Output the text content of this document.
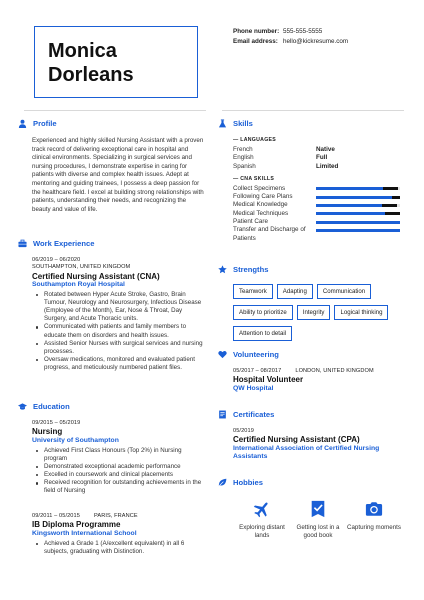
Monica
Dorleans
Phone number: 555-555-5555
Email address: hello@kickresume.com
Profile
Experienced and highly skilled Nursing Assistant with a proven track record of delivering exceptional care in hospital and clinical environments. Specializing in surgical services and nursing procedures, I demonstrate expertise in caring for patients with diverse and complex health issues. Adept at mentoring and guiding trainees, I possess a deep passion for the healthcare field. I excel at building strong relationships with patients, understanding their needs, and recognizing the beauty and value of life.
Work Experience
06/2019 – 06/2020
SOUTHAMPTON, UNITED KINGDOM
Certified Nursing Assistant (CNA)
Southampton Royal Hospital
Rotated between Hyper Acute Stroke, Gastro, Brain Tumour, Neurology and Neurosurgery, Infectious Disease (Employee of the Month), Ear, Nose & Throat, Day Surgery, and Acute Thoracic units.
Communicated with patients and family members to educate them on disorders and health issues.
Assisted Senior Nurses with surgical services and nursing processes.
Oversaw medications, monitored and evaluated patient progress, and meticulously numbered patient files.
Education
09/2015 – 05/2019
Nursing
University of Southampton
Achieved First Class Honours (Top 2%) in Nursing program
Demonstrated exceptional academic performance
Excelled in coursework and clinical placements
Received recognition for outstanding achievements in the field of Nursing
09/2011 – 05/2015	PARIS, FRANCE
IB Diploma Programme
Kingsworth International School
Achieved a Grade 1 (A/excellent equivalent) in all 6 subjects, graduating with Distinction.
Skills
— LANGUAGES
French	Native
English	Full
Spanish	Limited
— CNA SKILLS
Collect Specimens
Following Care Plans
Medical Knowledge
Medical Techniques
Patient Care
Transfer and Discharge of Patients
Strengths
Teamwork	Adapting	Communication
Ability to prioritize	Integrity	Logical thinking
Attention to detail
Volunteering
05/2017 – 08/2017	LONDON, UNITED KINGDOM
Hospital Volunteer
QW Hospital
Certificates
05/2019
Certified Nursing Assistant (CPA)
International Association of Certified Nursing Assistants
Hobbies
Exploring distant lands
Getting lost in a good book
Capturing moments
